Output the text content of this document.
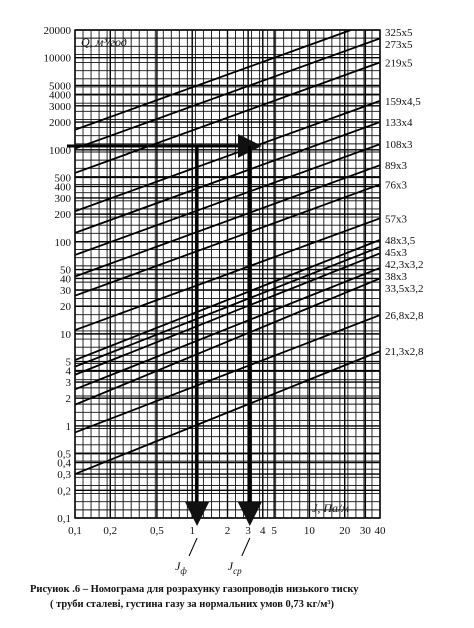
325x5
273x5
219x5
159x4,5
133x4
108x3
89x3
76x3
57x3
48x3,5
45x3
42,3x3,2
38x3
33,5x3,2
26,8x2,8
21,3x2,8
20000
10000
5000
4000
3000
2000
1000
500
400
300
200
100
50
40
30
20
10
5
4
3
2
1
0,5
0,4
0,3
0,2
0,1
0,1 0,2	0,5 1	2 3 4 5 10 20 30 40
Q, м³/год
J, Па/м
$J_ф$	$J_{ср}$
Рисуиок .6 – Номограма для розрахунку газопроводів низького тиску
( труби сталеві, густина газу за нормальних умов 0,73 кг/м³)
